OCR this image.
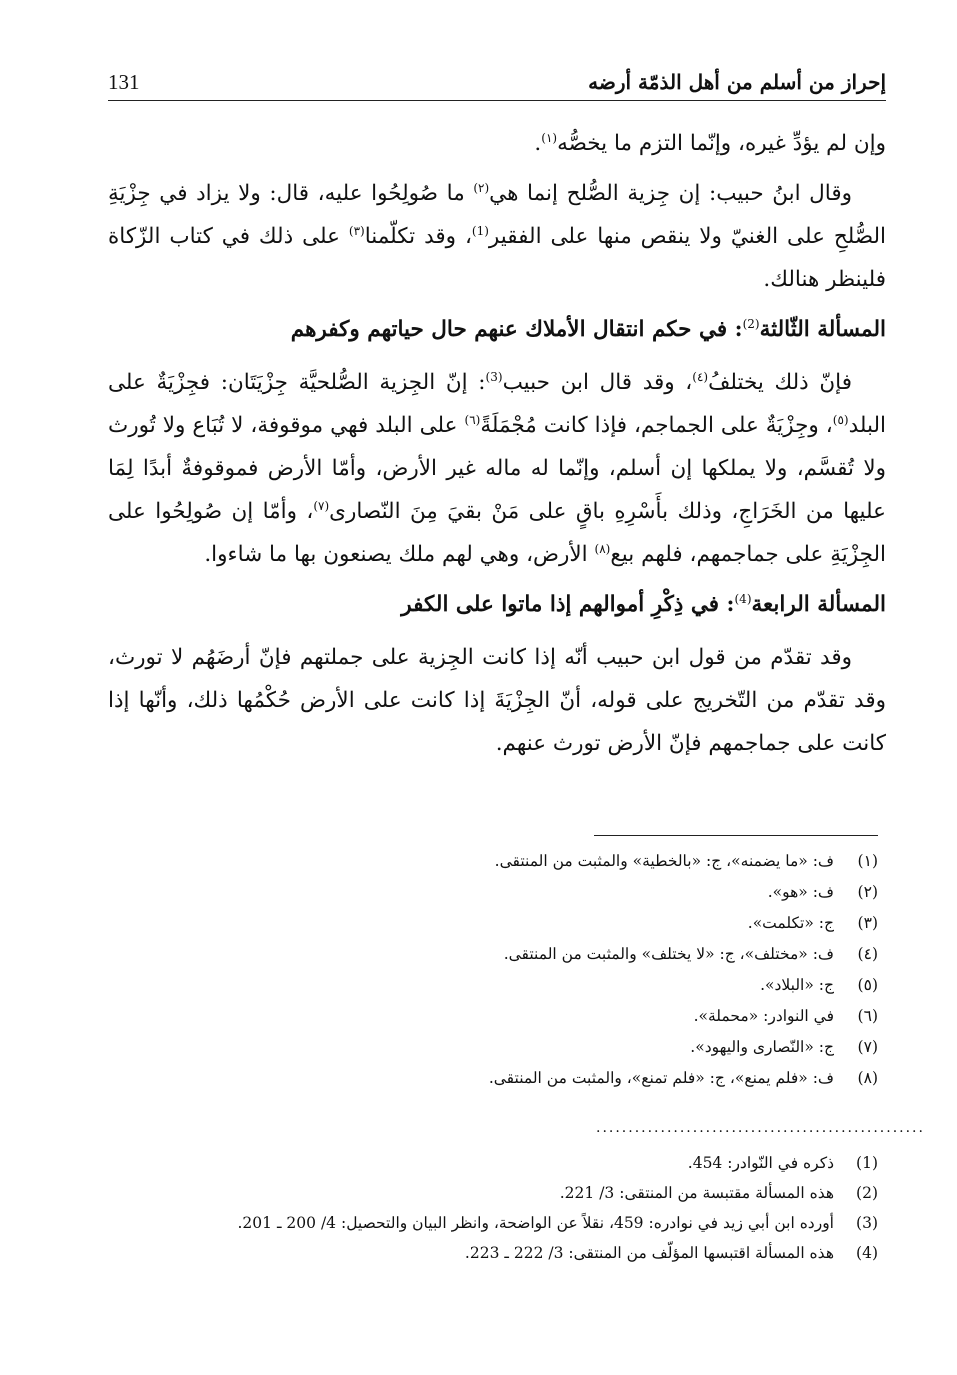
إحراز من أسلم من أهل الذمّة أرضه
131

وإن لم يؤدِّ غيره، وإنّما التزم ما يخصُّه$^{(١)}$.

وقال ابنُ حبيب: إن جِزية الصُّلح إنما هي$^{(٢)}$ ما صُولِحُوا عليه، قال: ولا يزاد في جِزْيَةِ الصُّلحِ على الغنيّ ولا ينقص منها على الفقير$^{(1)}$، وقد تكلّمنا$^{(٣)}$ على ذلك في كتاب الزّكاة فلينظر هنالك.

المسألة الثّالثة$^{(2)}$: في حكم انتقال الأملاك عنهم حال حياتهم وكفرهم

فإنّ ذلك يختلفُ$^{(٤)}$، وقد قال ابن حبيب$^{(3)}$: إنّ الجِزية الصُّلحيَّة جِزْيَتَان: فجِزْيَةٌ على البلد$^{(٥)}$، وجِزْيَةٌ على الجماجم، فإذا كانت مُجْمَلَةً$^{(٦)}$ على البلد فهي موقوفة، لا تُبَاع ولا تُورث ولا تُقسَّم، ولا يملكها إن أسلم، وإنّما له ماله غير الأرض، وأمّا الأرض فموقوفةٌ أبدًا لِمَا عليها من الخَرَاجِ، وذلك بأَسْرِهِ باقٍ على مَنْ بقيَ مِنَ النّصارى$^{(٧)}$، وأمّا إن صُولِحُوا على الجِزْيَةِ على جماجمهم، فلهم بيع$^{(٨)}$ الأرض، وهي لهم ملك يصنعون بها ما شاءوا.

المسألة الرابعة$^{(4)}$: في ذِكْرِ أموالهم إذا ماتوا على الكفر

وقد تقدّم من قول ابن حبيب أنّه إذا كانت الجِزية على جملتهم فإنّ أرضَهُم لا تورث، وقد تقدّم من التّخريج على قوله، أنّ الجِزْيَةَ إذا كانت على الأرض حُكْمُها ذلك، وأنّها إذا كانت على جماجمهم فإنّ الأرض تورث عنهم.

(١)ف: «ما يضمنه»، ج: «بالخطية» والمثبت من المنتقى.
(٢)ف: «هو».
(٣)ج: «تكلمت».
(٤)ف: «مختلف»، ج: «لا يختلف» والمثبت من المنتقى.
(٥)ج: «البلاد».
(٦)في النوادر: «محملة».
(٧)ج: «النّصارى واليهود».
(٨)ف: «فلم يمنع»، ج: «فلم تمنع»، والمثبت من المنتقى.
...................................................
(1)ذكره في النّوادر: 454.
(2)هذه المسألة مقتبسة من المنتقى: 3/ 221.
(3)أورده ابن أبي زيد في نوادره: 459، نقلاً عن الواضحة، وانظر البيان والتحصيل: 4/ 200 ـ 201.
(4)هذه المسألة اقتبسها المؤلّف من المنتقى: 3/ 222 ـ 223.
